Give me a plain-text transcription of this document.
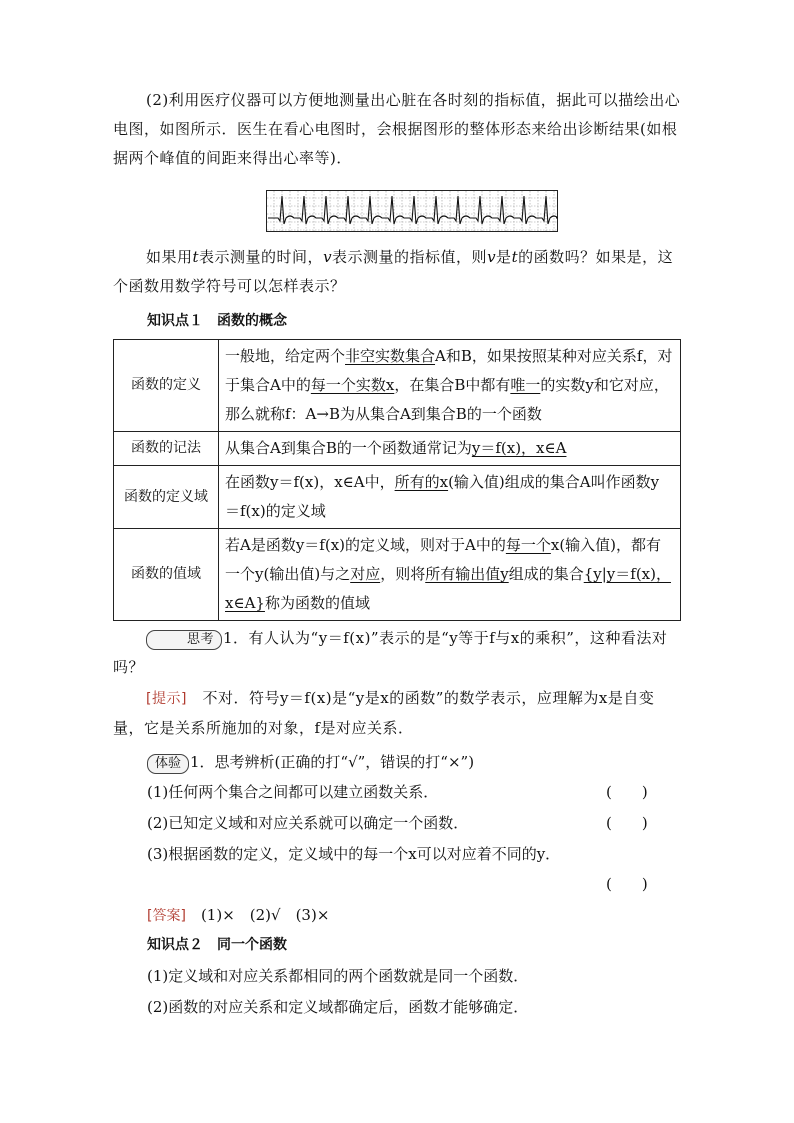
(2)利用医疗仪器可以方便地测量出心脏在各时刻的指标值，据此可以描绘出心电图，如图所示．医生在看心电图时，会根据图形的整体形态来给出诊断结果(如根据两个峰值的间距来得出心率等)．
如果用t表示测量的时间，v表示测量的指标值，则v是t的函数吗？如果是，这个函数用数学符号可以怎样表示？
知识点１　函数的概念
函数的定义	一般地，给定两个非空实数集合A和B，如果按照某种对应关系f，对于集合A中的每一个实数x，在集合B中都有唯一的实数y和它对应，那么就称f：A→B为从集合A到集合B的一个函数
函数的记法	从集合A到集合B的一个函数通常记为y＝f(x)，x∈A
函数的定义域	在函数y＝f(x)，x∈A中，所有的x(输入值)组成的集合A叫作函数y＝f(x)的定义域
函数的值域	若A是函数y＝f(x)的定义域，则对于A中的每一个x(输入值)，都有一个y(输出值)与之对应，则将所有输出值y组成的集合{y|y＝f(x)，x∈A}称为函数的值域
思考 1．有人认为“y＝f(x)”表示的是“y等于f与x的乘积”，这种看法对吗？
[提示]　 不对．符号y＝f(x)是“y是x的函数”的数学表示，应理解为x是自变量，它是关系所施加的对象，f是对应关系．
体验 1．思考辨析(正确的打“√”，错误的打“×”)
(1)任何两个集合之间都可以建立函数关系．	(　　)
(2)已知定义域和对应关系就可以确定一个函数．	(　　)
(3)根据函数的定义，定义域中的每一个x可以对应着不同的y．
(　　)
[答案]　 (1)×　(2)√　(3)×
知识点２　同一个函数
(1)定义域和对应关系都相同的两个函数就是同一个函数．
(2)函数的对应关系和定义域都确定后，函数才能够确定．
